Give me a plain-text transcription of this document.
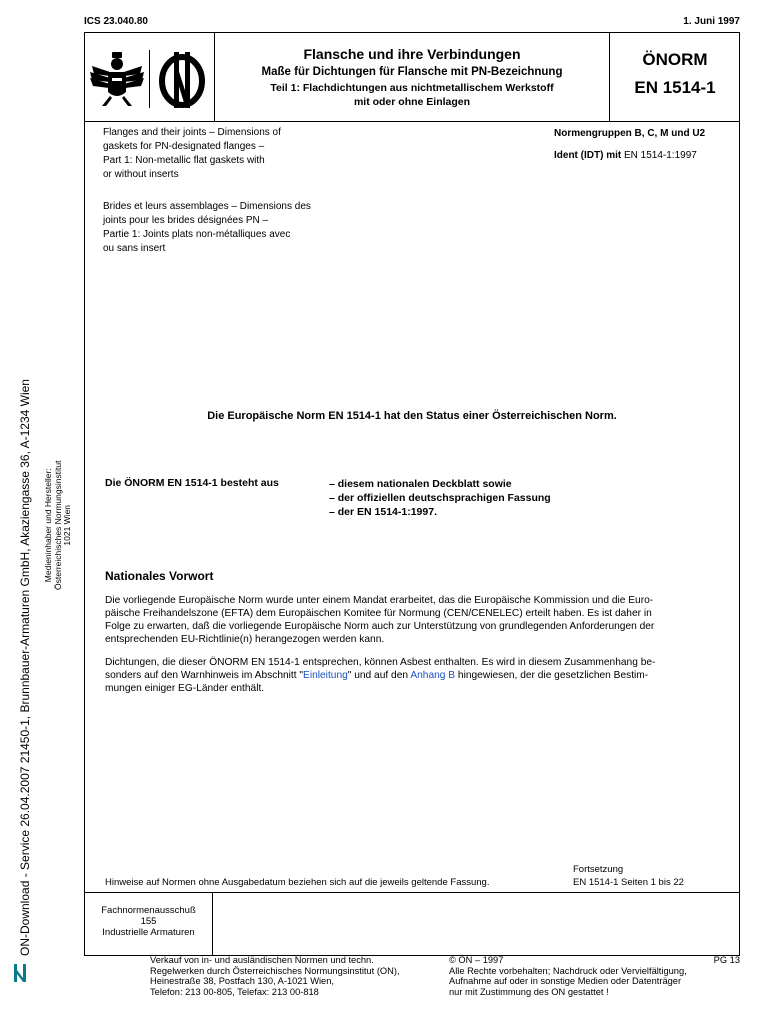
ICS 23.040.80	1. Juni 1997
Flansche und ihre Verbindungen
Maße für Dichtungen für Flansche mit PN-Bezeichnung
Teil 1: Flachdichtungen aus nichtmetallischem Werkstoff
mit oder ohne Einlagen
ÖNORM
EN 1514-1
Flanges and their joints – Dimensions of
gaskets for PN-designated flanges –
Part 1: Non-metallic flat gaskets with
or without inserts
Brides et leurs assemblages – Dimensions des
joints pour les brides désignées PN –
Partie 1: Joints plats non-métalliques avec
ou sans insert
Normengruppen B, C, M und U2
Ident (IDT) mit EN 1514-1:1997
Die Europäische Norm EN 1514-1 hat den Status einer Österreichischen Norm.
Die ÖNORM EN 1514-1 besteht aus	– diesem nationalen Deckblatt sowie
– der offiziellen deutschsprachigen Fassung
– der EN 1514-1:1997.
Nationales Vorwort
Die vorliegende Europäische Norm wurde unter einem Mandat erarbeitet, das die Europäische Kommission und die Euro-
päische Freihandelszone (EFTA) dem Europäischen Komitee für Normung (CEN/CENELEC) erteilt haben. Es ist daher in
Folge zu erwarten, daß die vorliegende Europäische Norm auch zur Unterstützung von grundlegenden Anforderungen der
entsprechenden EU-Richtlinie(n) herangezogen werden kann.
Dichtungen, die dieser ÖNORM EN 1514-1 entsprechen, können Asbest enthalten. Es wird in diesem Zusammenhang be-
sonders auf den Warnhinweis im Abschnitt "Einleitung" und auf den Anhang B hingewiesen, der die gesetzlichen Bestim-
mungen einiger EG-Länder enthält.
Hinweise auf Normen ohne Ausgabedatum beziehen sich auf die jeweils geltende Fassung.
Fortsetzung
EN 1514-1 Seiten 1 bis 22
Fachnormenausschuß
155
Industrielle Armaturen
Verkauf von in- und ausländischen Normen und techn.
Regelwerken durch Österreichisches Normungsinstitut (ON),
Heinestraße 38, Postfach 130, A-1021 Wien,
Telefon: 213 00-805, Telefax: 213 00-818
© ON – 1997
Alle Rechte vorbehalten; Nachdruck oder Vervielfältigung,
Aufnahme auf oder in sonstige Medien oder Datenträger
nur mit Zustimmung des ON gestattet !
PG 13
ON-Download - Service 26.04.2007 21450-1, Brunnbauer-Armaturen GmbH, Akaziengasse 36, A-1234 Wien Medieninhaber und Hersteller: Österreichisches Normungsinstitut 1021 Wien
